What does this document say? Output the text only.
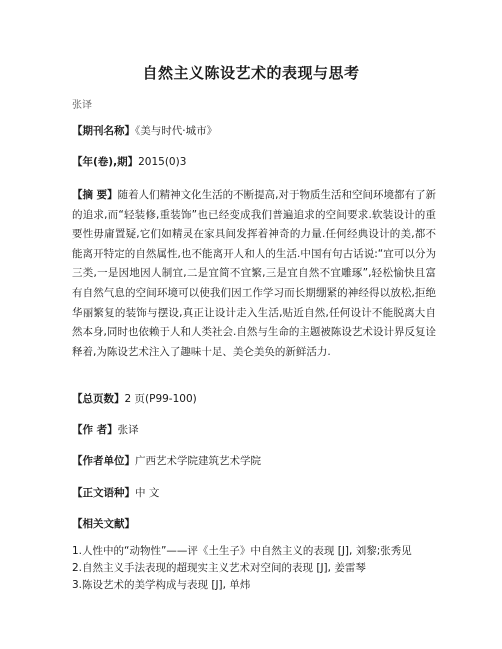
自然主义陈设艺术的表现与思考
张译
【期刊名称】《美与时代·城市》
【年(卷),期】2015(0)3
【摘 要】随着人们精神文化生活的不断提高,对于物质生活和空间环境都有了新的追求,而“轻装修,重装饰”也已经变成我们普遍追求的空间要求.软装设计的重要性毋庸置疑,它们如精灵在家具间发挥着神奇的力量.任何经典设计的美,都不能离开特定的自然属性,也不能离开人和人的生活.中国有句古话说:“宜可以分为三类,一是因地因人制宜,二是宜简不宜繁,三是宜自然不宜雕琢”,轻松愉快且富有自然气息的空间环境可以使我们因工作学习而长期绷紧的神经得以放松,拒绝华丽繁复的装饰与摆设,真正让设计走入生活,贴近自然,任何设计不能脱离大自然本身,同时也依赖于人和人类社会.自然与生命的主题被陈设艺术设计界反复诠释着,为陈设艺术注入了趣味十足、美仑美奂的新鲜活力.
【总页数】2 页(P99-100)
【作 者】张译
【作者单位】广西艺术学院建筑艺术学院
【正文语种】中 文
【相关文献】
1.人性中的“动物性”——评《土生子》中自然主义的表现 [J], 刘黎;张秀见
2.自然主义手法表现的超现实主义艺术对空间的表现 [J], 姜雷琴
3.陈设艺术的美学构成与表现 [J], 单炜
